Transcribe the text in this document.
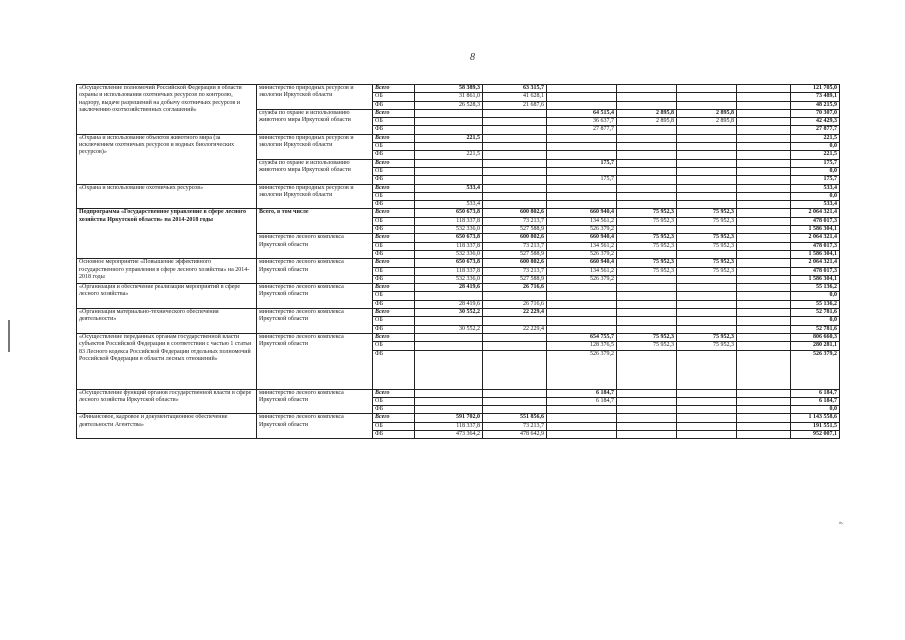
8
«Осуществление полномочий Российской Федерации в области охраны и использования охотничьих ресурсов по контролю, надзору, выдаче разрешений на добычу охотничьих ресурсов и заключению охотхозяйственных соглашений»	министерство природных ресурсов и экологии Иркутской области	Всего	58 389,3	63 315,7					121 705,0
		ОБ	31 861,0	41 628,1					73 489,1
		ФБ	26 528,3	21 687,6					48 215,9
	служба по охране и использованию животного мира Иркутской области	Всего			64 515,4	2 895,8	2 895,8		70 307,0
		ОБ			36 637,7	2 895,8	2 895,8		42 429,3
		ФБ			27 877,7				27 877,7
«Охрана и использование объектов животного мира (за исключением охотничьих ресурсов и водных биологических ресурсов)»	министерство природных ресурсов и экологии Иркутской области	Всего	221,5						221,5
		ОБ							0,0
		ФБ	221,5						221,5
	служба по охране и использованию животного мира Иркутской области	Всего			175,7				175,7
		ОБ							0,0
		ФБ			175,7				175,7
«Охрана и использование охотничьих ресурсов»	министерство природных ресурсов и экологии Иркутской области	Всего	533,4						533,4
		ОБ							0,0
		ФБ	533,4						533,4
Подпрограмма «Государственное управление в сфере лесного хозяйства Иркутской области» на 2014-2018 годы	Всего, в том числе	Всего	650 673,8	600 802,6	660 940,4	75 952,3	75 952,3		2 064 321,4
		ОБ	118 337,8	73 213,7	134 561,2	75 952,3	75 952,3		478 017,3
		ФБ	532 336,0	527 588,9	526 379,2				1 586 304,1
	министерство лесного комплекса Иркутской области	Всего	650 673,8	600 802,6	660 940,4	75 952,3	75 952,3		2 064 321,4
		ОБ	118 337,8	73 213,7	134 561,2	75 952,3	75 952,3		478 017,3
		ФБ	532 336,0	527 588,9	526 379,2				1 586 304,1
Основное мероприятие «Повышение эффективного государственного управления в сфере лесного хозяйства» на 2014-2018 годы	министерство лесного комплекса Иркутской области	Всего	650 673,8	600 802,6	660 940,4	75 952,3	75 952,3		2 064 321,4
		ОБ	118 337,8	73 213,7	134 561,2	75 952,3	75 952,3		478 017,3
		ФБ	532 336,0	527 588,9	526 379,2				1 586 304,1
«Организация и обеспечение реализации мероприятий в сфере лесного хозяйства»	министерство лесного комплекса Иркутской области	Всего	28 419,6	26 716,6					55 136,2
		ОБ							0,0
		ФБ	28 419,6	26 716,6					55 136,2
«Организация материально-технического обеспечения деятельности»	министерство лесного комплекса Иркутской области	Всего	30 552,2	22 229,4					52 781,6
		ОБ							0,0
		ФБ	30 552,2	22 229,4					52 781,6
«Осуществление переданных органам государственной власти субъектов Российской Федерации в соответствии с частью 1 статьи 83 Лесного кодекса Российской Федерации отдельных полномочий Российской Федерации в области лесных отношений»	министерство лесного комплекса Иркутской области	Всего			654 755,7	75 952,3	75 952,3		806 660,3
		ОБ			128 376,5	75 952,3	75 952,3		280 281,1
		ФБ			526 379,2				526 379,2
«Осуществление функций органов государственной власти в сфере лесного хозяйства Иркутской области»	министерство лесного комплекса Иркутской области	Всего			6 184,7				6 184,7
		ОБ			6 184,7				6 184,7
		ФБ							0,0
«Финансовое, кадровое и документационное обеспечение деятельности Агентства»	министерство лесного комплекса Иркутской области	Всего	591 702,0	551 856,6					1 143 558,6
		ОБ	118 337,8	73 213,7					191 551,5
		ФБ	473 364,2	478 642,9					952 007,1
».
